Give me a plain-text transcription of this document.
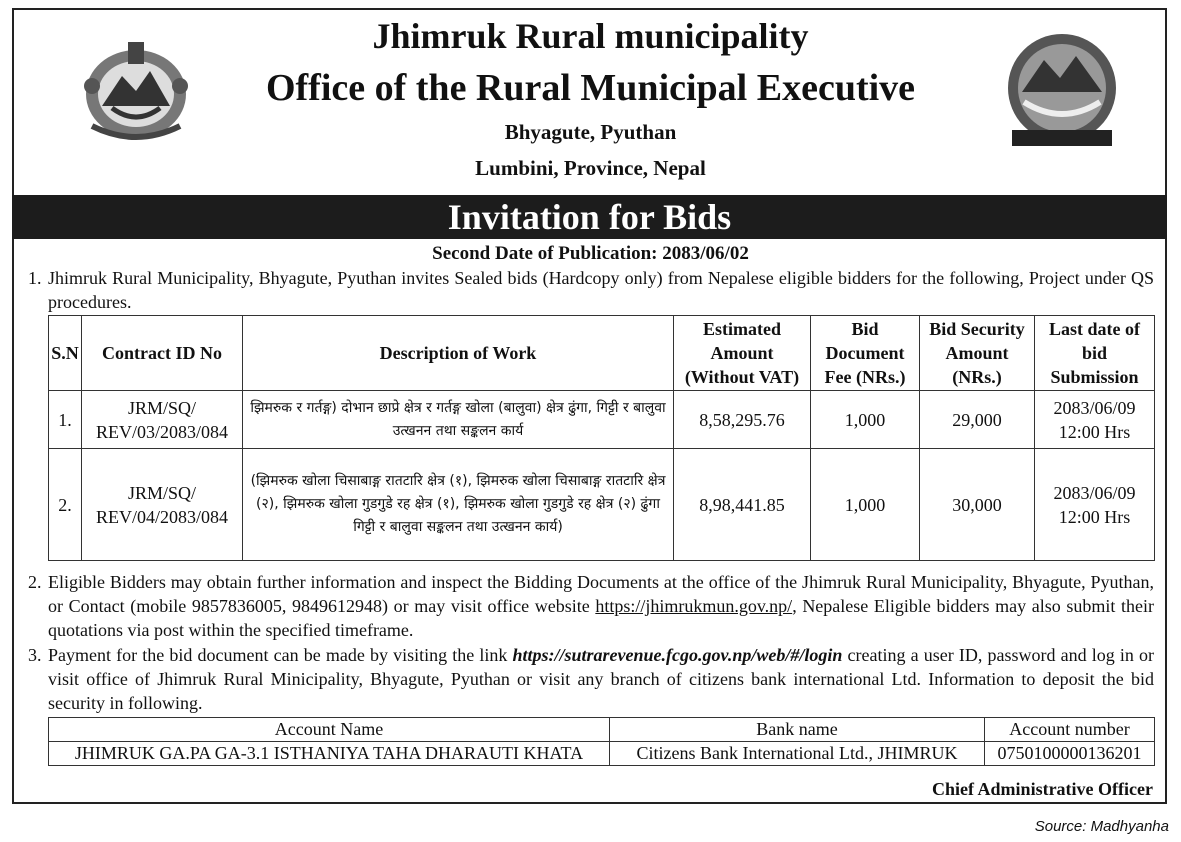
Jhimruk Rural municipality
Office of the Rural Municipal Executive
Bhyagute, Pyuthan
Lumbini, Province, Nepal
Invitation for Bids
Second Date of Publication: 2083/06/02
1. Jhimruk Rural Municipality, Bhyagute, Pyuthan invites Sealed bids (Hardcopy only) from Nepalese eligible bidders for the following, Project under QS procedures.
S.N	Contract ID No	Description of Work	Estimated Amount (Without VAT)	Bid Document Fee (NRs.)	Bid Security Amount (NRs.)	Last date of bid Submission
1.	JRM/SQ/ REV/03/2083/084	झिमरुक र गर्तङ्ग) दोभान छाप्रे क्षेत्र र गर्तङ्ग खोला (बालुवा) क्षेत्र ढुंगा, गिट्टी र बालुवा उत्खनन तथा सङ्कलन कार्य	8,58,295.76	1,000	29,000	2083/06/09
12:00 Hrs

2.	JRM/SQ/ REV/04/2083/084	(झिमरुक खोला चिसाबाङ्ग रातटारि क्षेत्र (१), झिमरुक खोला चिसाबाङ्ग रातटारि क्षेत्र (२), झिमरुक खोला गुडगुडे रह क्षेत्र (१), झिमरुक खोला गुडगुडे रह क्षेत्र (२) ढुंगा गिट्टी र बालुवा सङ्कलन तथा उत्खनन कार्य)	8,98,441.85	1,000	30,000	2083/06/09
12:00 Hrs
2. Eligible Bidders may obtain further information and inspect the Bidding Documents at the office of the Jhimruk Rural Municipality, Bhyagute, Pyuthan, or Contact (mobile 9857836005, 9849612948) or may visit office website https://jhimrukmun.gov.np/, Nepalese Eligible bidders may also submit their quotations via post within the specified timeframe.
3. Payment for the bid document can be made by visiting the link https://sutrarevenue.fcgo.gov.np/web/#/login creating a user ID, password and log in or visit office of Jhimruk Rural Minicipality, Bhyagute, Pyuthan or visit any branch of citizens bank international Ltd. Information to deposit the bid security in following.
Account Name	Bank name	Account number
JHIMRUK GA.PA GA-3.1 ISTHANIYA TAHA DHARAUTI KHATA	Citizens Bank International Ltd., JHIMRUK	0750100000136201
Chief Administrative Officer
Source: Madhyanha
